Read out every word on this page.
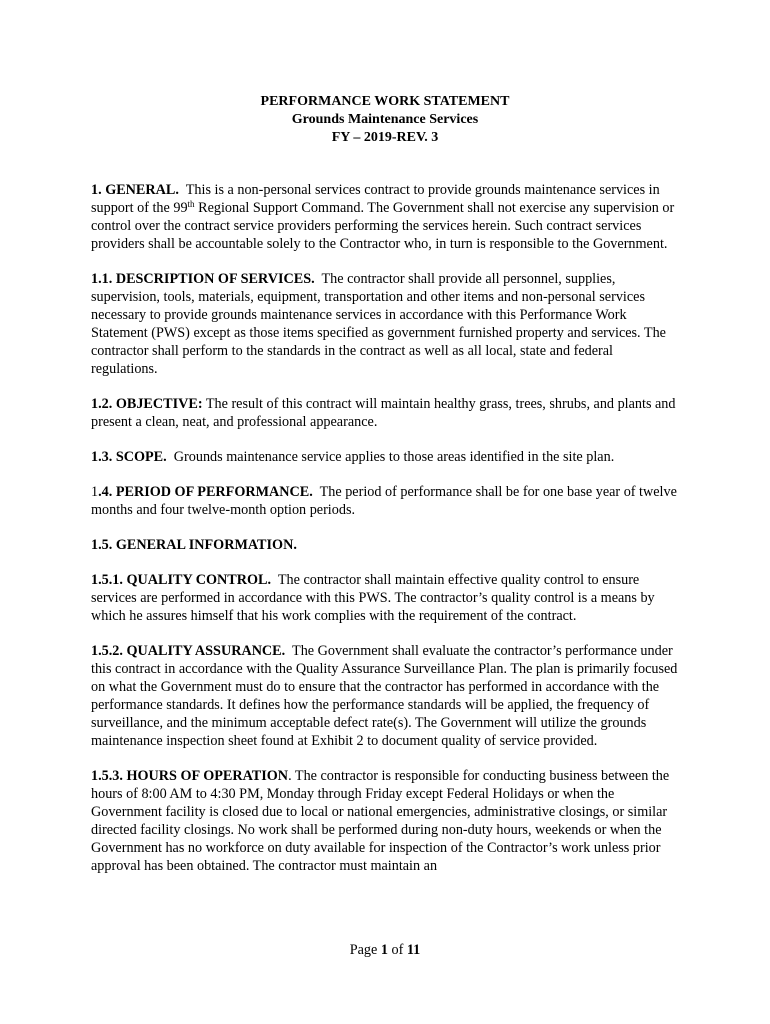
PERFORMANCE WORK STATEMENT
Grounds Maintenance Services
FY – 2019-REV. 3

1. GENERAL. This is a non-personal services contract to provide grounds maintenance services in support of the 99th Regional Support Command. The Government shall not exercise any supervision or control over the contract service providers performing the services herein. Such contract services providers shall be accountable solely to the Contractor who, in turn is responsible to the Government.

1.1. DESCRIPTION OF SERVICES. The contractor shall provide all personnel, supplies, supervision, tools, materials, equipment, transportation and other items and non-personal services necessary to provide grounds maintenance services in accordance with this Performance Work Statement (PWS) except as those items specified as government furnished property and services. The contractor shall perform to the standards in the contract as well as all local, state and federal regulations.

1.2. OBJECTIVE: The result of this contract will maintain healthy grass, trees, shrubs, and plants and present a clean, neat, and professional appearance.

1.3. SCOPE. Grounds maintenance service applies to those areas identified in the site plan.

1.4. PERIOD OF PERFORMANCE. The period of performance shall be for one base year of twelve months and four twelve-month option periods.

1.5. GENERAL INFORMATION.

1.5.1. QUALITY CONTROL. The contractor shall maintain effective quality control to ensure services are performed in accordance with this PWS. The contractor’s quality control is a means by which he assures himself that his work complies with the requirement of the contract.

1.5.2. QUALITY ASSURANCE. The Government shall evaluate the contractor’s performance under this contract in accordance with the Quality Assurance Surveillance Plan. The plan is primarily focused on what the Government must do to ensure that the contractor has performed in accordance with the performance standards. It defines how the performance standards will be applied, the frequency of surveillance, and the minimum acceptable defect rate(s). The Government will utilize the grounds maintenance inspection sheet found at Exhibit 2 to document quality of service provided.

1.5.3. HOURS OF OPERATION. The contractor is responsible for conducting business between the hours of 8:00 AM to 4:30 PM, Monday through Friday except Federal Holidays or when the Government facility is closed due to local or national emergencies, administrative closings, or similar directed facility closings. No work shall be performed during non-duty hours, weekends or when the Government has no workforce on duty available for inspection of the Contractor’s work unless prior approval has been obtained. The contractor must maintain an

Page 1 of 11
